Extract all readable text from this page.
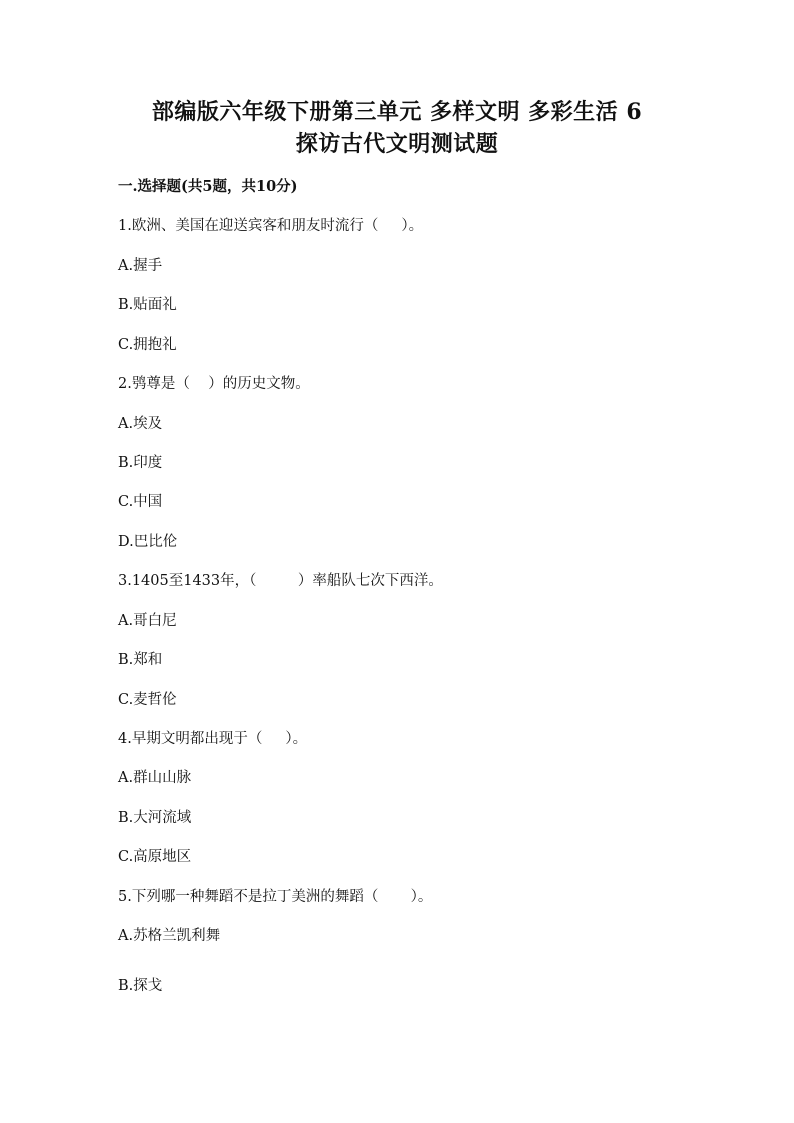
部编版六年级下册第三单元 多样文明 多彩生活 6
探访古代文明测试题
一.选择题(共5题，共10分)
1.欧洲、美国在迎送宾客和朋友时流行（     ）。
A.握手
B.贴面礼
C.拥抱礼
2.鸮尊是（    ）的历史文物。
A.埃及
B.印度
C.中国
D.巴比伦
3.1405至1433年，（         ）率船队七次下西洋。
A.哥白尼
B.郑和
C.麦哲伦
4.早期文明都出现于（     ）。
A.群山山脉
B.大河流域
C.高原地区
5.下列哪一种舞蹈不是拉丁美洲的舞蹈（       ）。
A.苏格兰凯利舞
B.探戈
